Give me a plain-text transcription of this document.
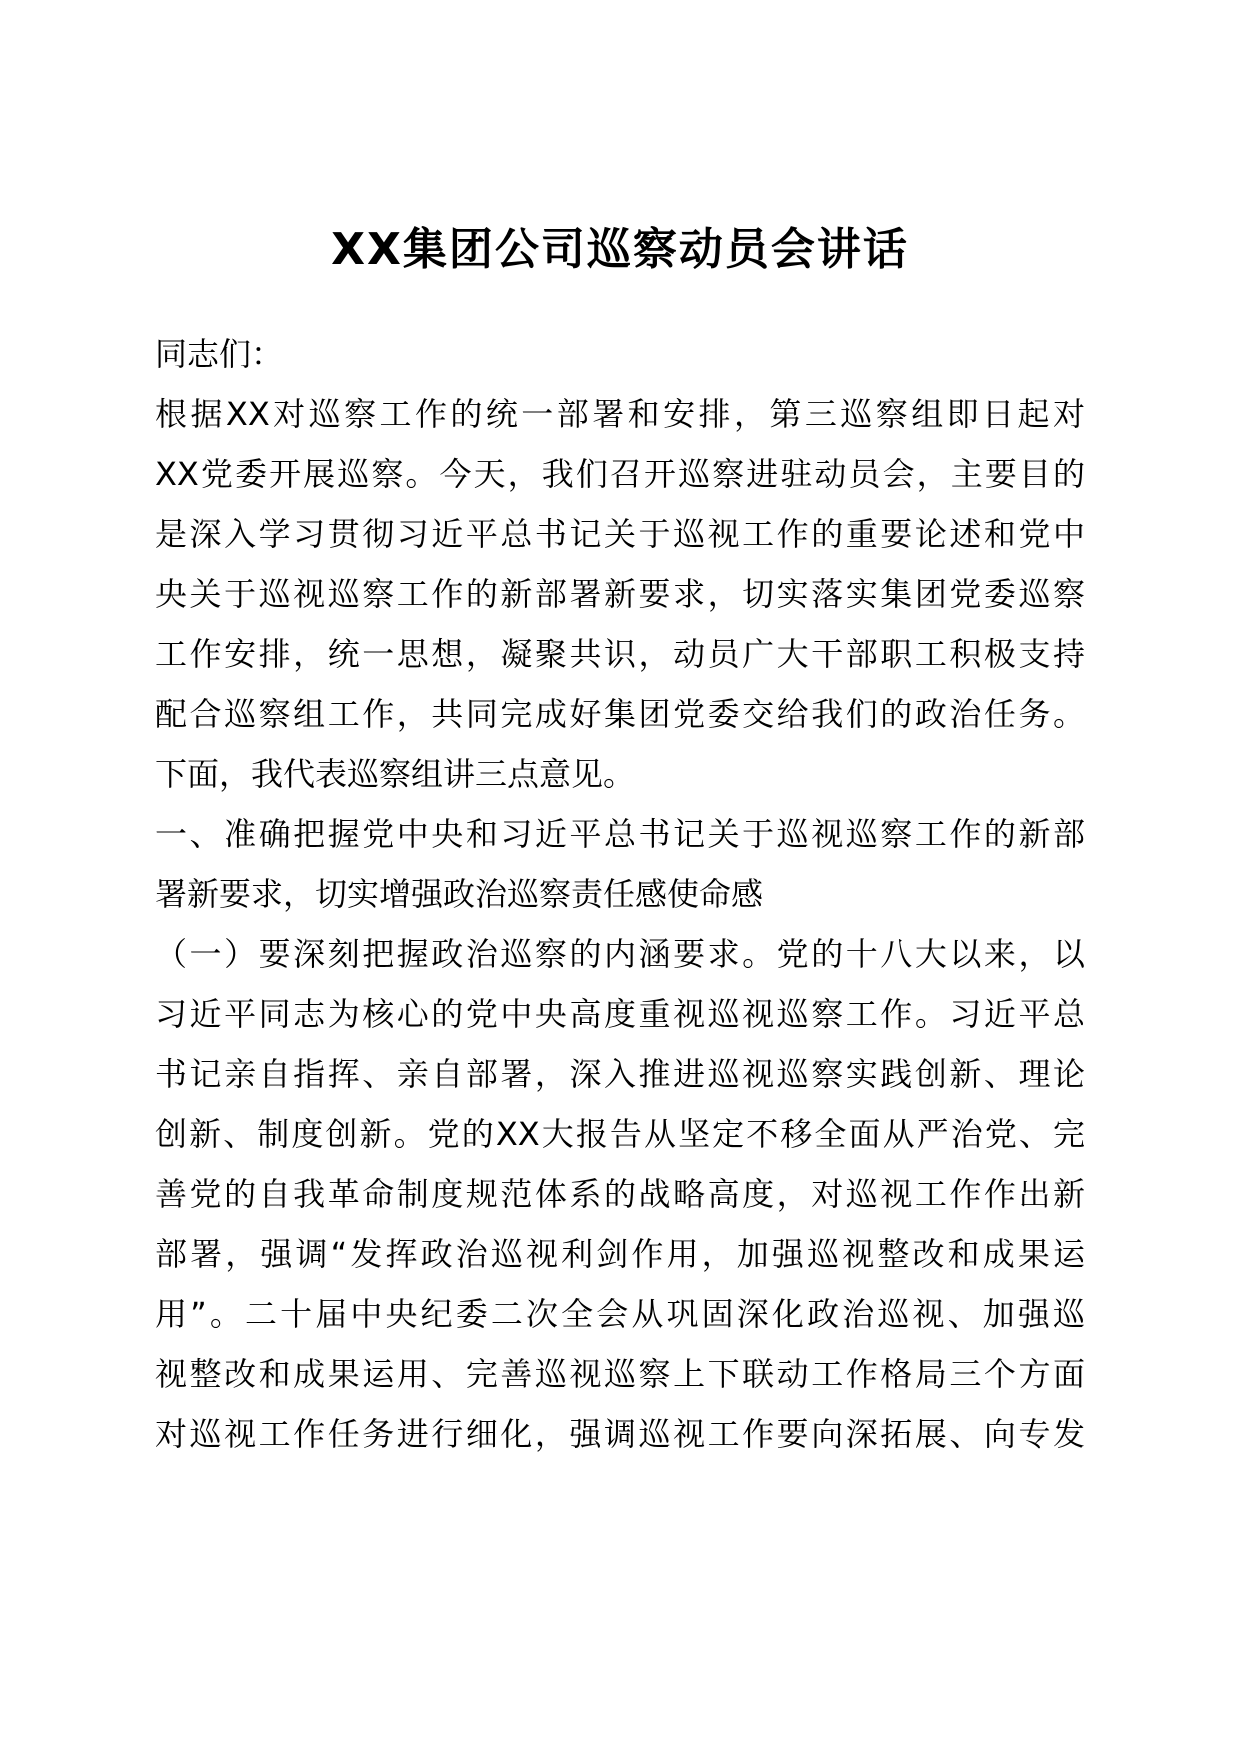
XX集团公司巡察动员会讲话
同志们：
根据XX对巡察工作的统一部署和安排，第三巡察组即日起对
XX党委开展巡察。今天，我们召开巡察进驻动员会，主要目的
是深入学习贯彻习近平总书记关于巡视工作的重要论述和党中
央关于巡视巡察工作的新部署新要求，切实落实集团党委巡察
工作安排，统一思想，凝聚共识，动员广大干部职工积极支持
配合巡察组工作，共同完成好集团党委交给我们的政治任务。
下面，我代表巡察组讲三点意见。
一、准确把握党中央和习近平总书记关于巡视巡察工作的新部
署新要求，切实增强政治巡察责任感使命感
（一）要深刻把握政治巡察的内涵要求。党的十八大以来，以
习近平同志为核心的党中央高度重视巡视巡察工作。习近平总
书记亲自指挥、亲自部署，深入推进巡视巡察实践创新、理论
创新、制度创新。党的XX大报告从坚定不移全面从严治党、完
善党的自我革命制度规范体系的战略高度，对巡视工作作出新
部署，强调“发挥政治巡视利剑作用，加强巡视整改和成果运
用”。二十届中央纪委二次全会从巩固深化政治巡视、加强巡
视整改和成果运用、完善巡视巡察上下联动工作格局三个方面
对巡视工作任务进行细化，强调巡视工作要向深拓展、向专发
